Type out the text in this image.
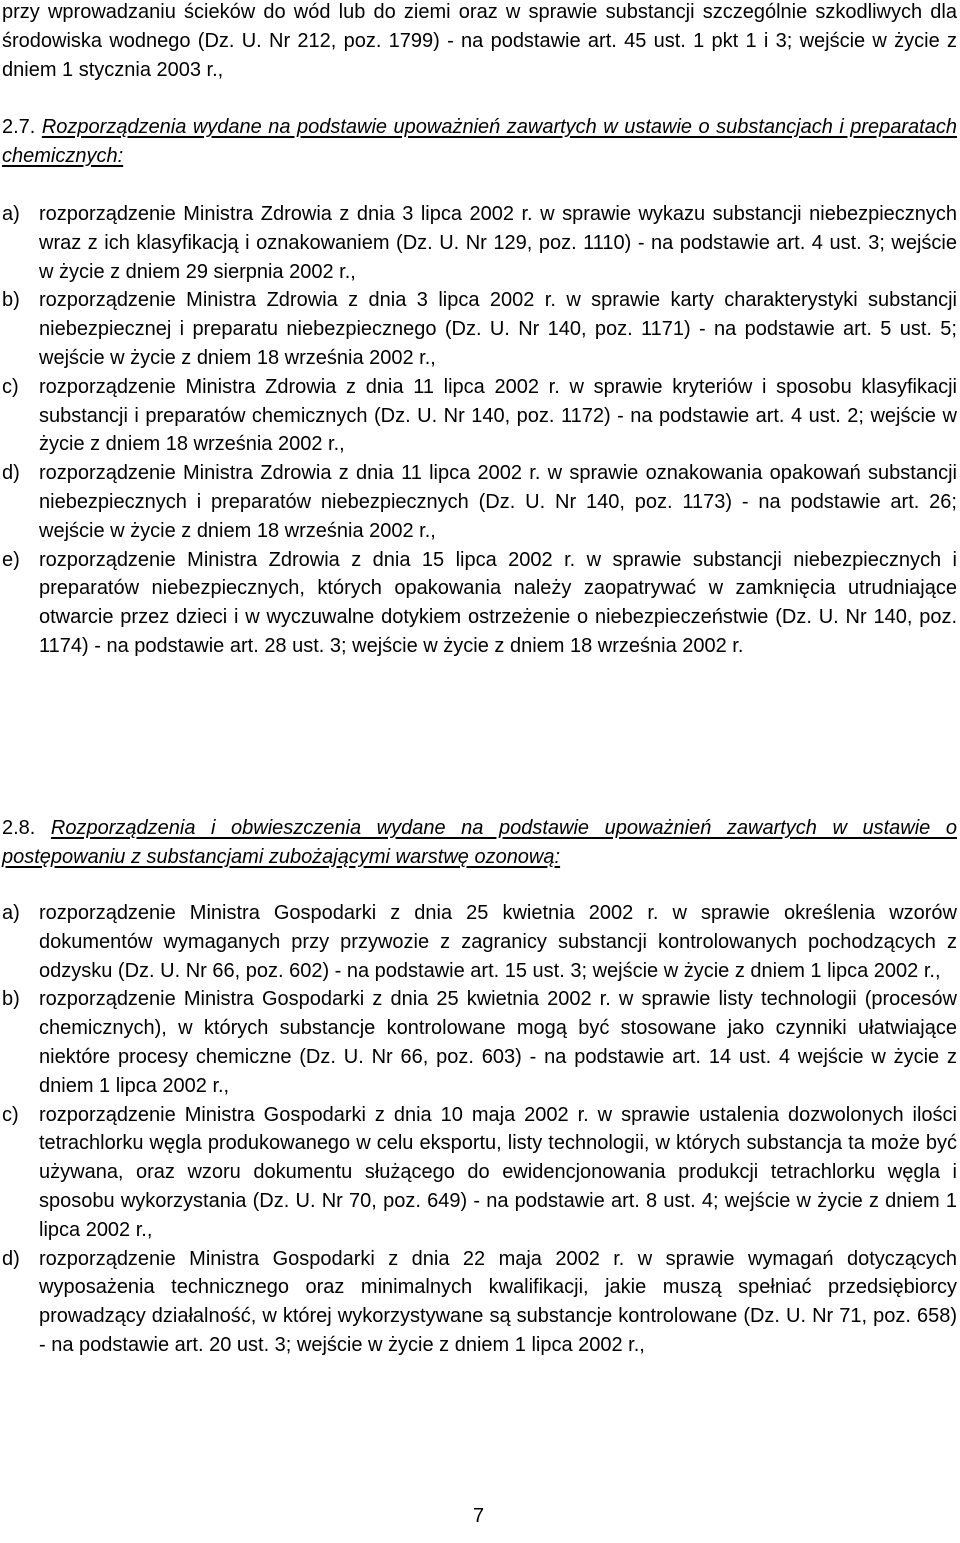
przy wprowadzaniu ścieków do wód lub do ziemi oraz w sprawie substancji szczególnie szkodliwych dla środowiska wodnego (Dz. U. Nr 212, poz. 1799) - na podstawie art. 45 ust. 1 pkt 1 i 3; wejście w życie z dniem 1 stycznia 2003 r.,

2.7. Rozporządzenia wydane na podstawie upoważnień zawartych w ustawie o substancjach i preparatach chemicznych:

a) rozporządzenie Ministra Zdrowia z dnia 3 lipca 2002 r. w sprawie wykazu substancji niebezpiecznych wraz z ich klasyfikacją i oznakowaniem (Dz. U. Nr 129, poz. 1110) - na podstawie art. 4 ust. 3; wejście w życie z dniem 29 sierpnia 2002 r.,
b) rozporządzenie Ministra Zdrowia z dnia 3 lipca 2002 r. w sprawie karty charakterystyki substancji niebezpiecznej i preparatu niebezpiecznego (Dz. U. Nr 140, poz. 1171) - na podstawie art. 5 ust. 5; wejście w życie z dniem 18 września 2002 r.,
c) rozporządzenie Ministra Zdrowia z dnia 11 lipca 2002 r. w sprawie kryteriów i sposobu klasyfikacji substancji i preparatów chemicznych (Dz. U. Nr 140, poz. 1172) - na podstawie art. 4 ust. 2; wejście w życie z dniem 18 września 2002 r.,
d) rozporządzenie Ministra Zdrowia z dnia 11 lipca 2002 r. w sprawie oznakowania opakowań substancji niebezpiecznych i preparatów niebezpiecznych (Dz. U. Nr 140, poz. 1173) - na podstawie art. 26; wejście w życie z dniem 18 września 2002 r.,
e) rozporządzenie Ministra Zdrowia z dnia 15 lipca 2002 r. w sprawie substancji niebezpiecznych i preparatów niebezpiecznych, których opakowania należy zaopatrywać w zamknięcia utrudniające otwarcie przez dzieci i w wyczuwalne dotykiem ostrzeżenie o niebezpieczeństwie (Dz. U. Nr 140, poz. 1174) - na podstawie art. 28 ust. 3; wejście w życie z dniem 18 września 2002 r.

2.8. Rozporządzenia i obwieszczenia wydane na podstawie upoważnień zawartych w ustawie o postępowaniu z substancjami zubożającymi warstwę ozonową:

a) rozporządzenie Ministra Gospodarki z dnia 25 kwietnia 2002 r. w sprawie określenia wzorów dokumentów wymaganych przy przywozie z zagranicy substancji kontrolowanych pochodzących z odzysku (Dz. U. Nr 66, poz. 602) - na podstawie art. 15 ust. 3; wejście w życie z dniem 1 lipca 2002 r.,
b) rozporządzenie Ministra Gospodarki z dnia 25 kwietnia 2002 r. w sprawie listy technologii (procesów chemicznych), w których substancje kontrolowane mogą być stosowane jako czynniki ułatwiające niektóre procesy chemiczne (Dz. U. Nr 66, poz. 603) - na podstawie art. 14 ust. 4 wejście w życie z dniem 1 lipca 2002 r.,
c) rozporządzenie Ministra Gospodarki z dnia 10 maja 2002 r. w sprawie ustalenia dozwolonych ilości tetrachlorku węgla produkowanego w celu eksportu, listy technologii, w których substancja ta może być używana, oraz wzoru dokumentu służącego do ewidencjonowania produkcji tetrachlorku węgla i sposobu wykorzystania (Dz. U. Nr 70, poz. 649) - na podstawie art. 8 ust. 4; wejście w życie z dniem 1 lipca 2002 r.,
d) rozporządzenie Ministra Gospodarki z dnia 22 maja 2002 r. w sprawie wymagań dotyczących wyposażenia technicznego oraz minimalnych kwalifikacji, jakie muszą spełniać przedsiębiorcy prowadzący działalność, w której wykorzystywane są substancje kontrolowane (Dz. U. Nr 71, poz. 658) - na podstawie art. 20 ust. 3; wejście w życie z dniem 1 lipca 2002 r.,
7
